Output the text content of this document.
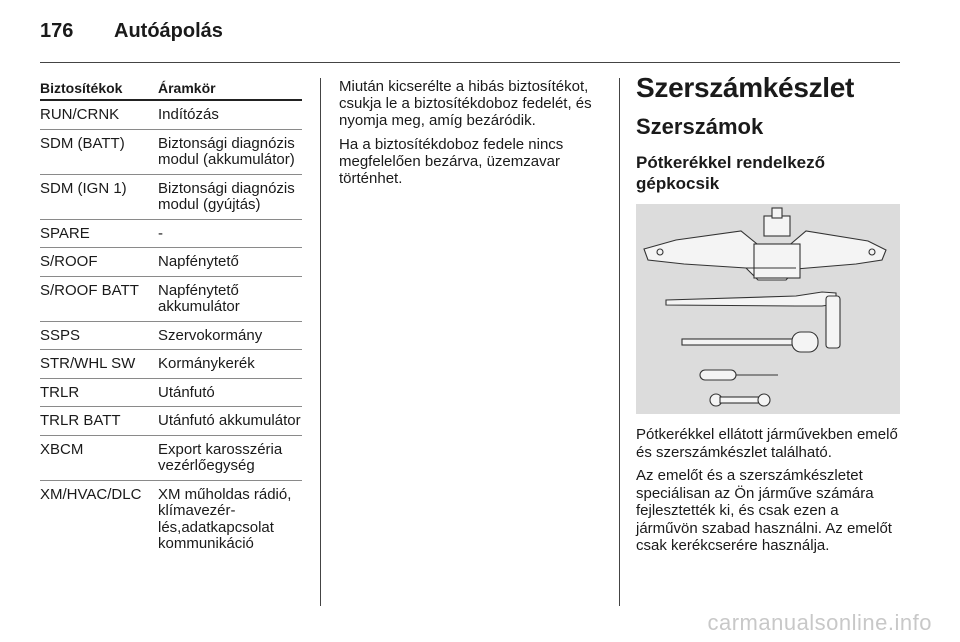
176 Autóápolás
Biztosítékok	Áramkör
RUN/CRNK	Indítózás
SDM (BATT)	Biztonsági diagnózis modul (akkumulátor)
SDM (IGN 1)	Biztonsági diagnózis modul (gyújtás)
SPARE	-
S/ROOF	Napfénytető
S/ROOF BATT	Napfénytető akkumulátor
SSPS	Szervokormány
STR/WHL SW	Kormánykerék
TRLR	Utánfutó
TRLR BATT	Utánfutó akkumulátor
XBCM	Export karosszéria vezérlőegység
XM/HVAC/DLC	XM műholdas rádió, klímavezér-lés,adatkapcsolat kommunikáció

Miután kicserélte a hibás biztosítékot, csukja le a biztosítékdoboz fedelét, és nyomja meg, amíg bezáródik.

Ha a biztosítékdoboz fedele nincs megfelelően bezárva, üzemzavar történhet.

Szerszámkészlet
Szerszámok
Pótkerékkel rendelkező gépkocsik

Pótkerékkel ellátott járművekben emelő és szerszámkészlet található.

Az emelőt és a szerszámkészletet speciálisan az Ön járműve számára fejlesztették ki, és csak ezen a járművön szabad használni. Az emelőt csak kerékcserére használja.

carmanualsonline.info
